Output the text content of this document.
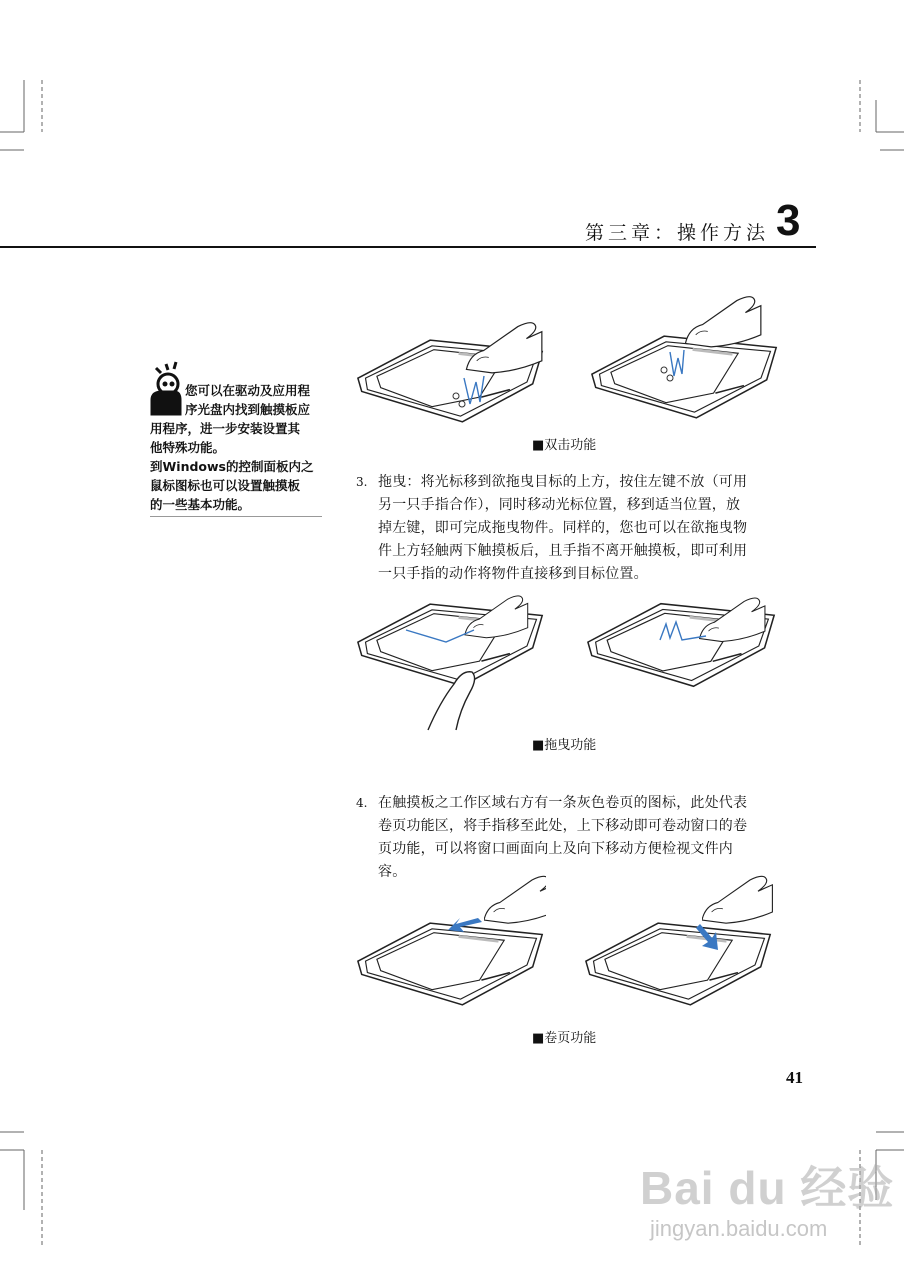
第三章：操作方法 3
您可以在驱动及应用程
序光盘内找到触摸板应
用程序，进一步安装设置其
他特殊功能。
到Windows的控制面板内之
鼠标图标也可以设置触摸板
的一些基本功能。
■双击功能
3. 拖曳：将光标移到欲拖曳目标的上方，按住左键不放（可用
另一只手指合作），同时移动光标位置，移到适当位置，放
掉左键，即可完成拖曳物件。同样的，您也可以在欲拖曳物
件上方轻触两下触摸板后，且手指不离开触摸板，即可利用
一只手指的动作将物件直接移到目标位置。
■拖曳功能
4. 在触摸板之工作区域右方有一条灰色卷页的图标，此处代表
卷页功能区，将手指移至此处，上下移动即可卷动窗口的卷
页功能，可以将窗口画面向上及向下移动方便检视文件内
容。
■卷页功能
41
Bai du 经验
jingyan.baidu.com
